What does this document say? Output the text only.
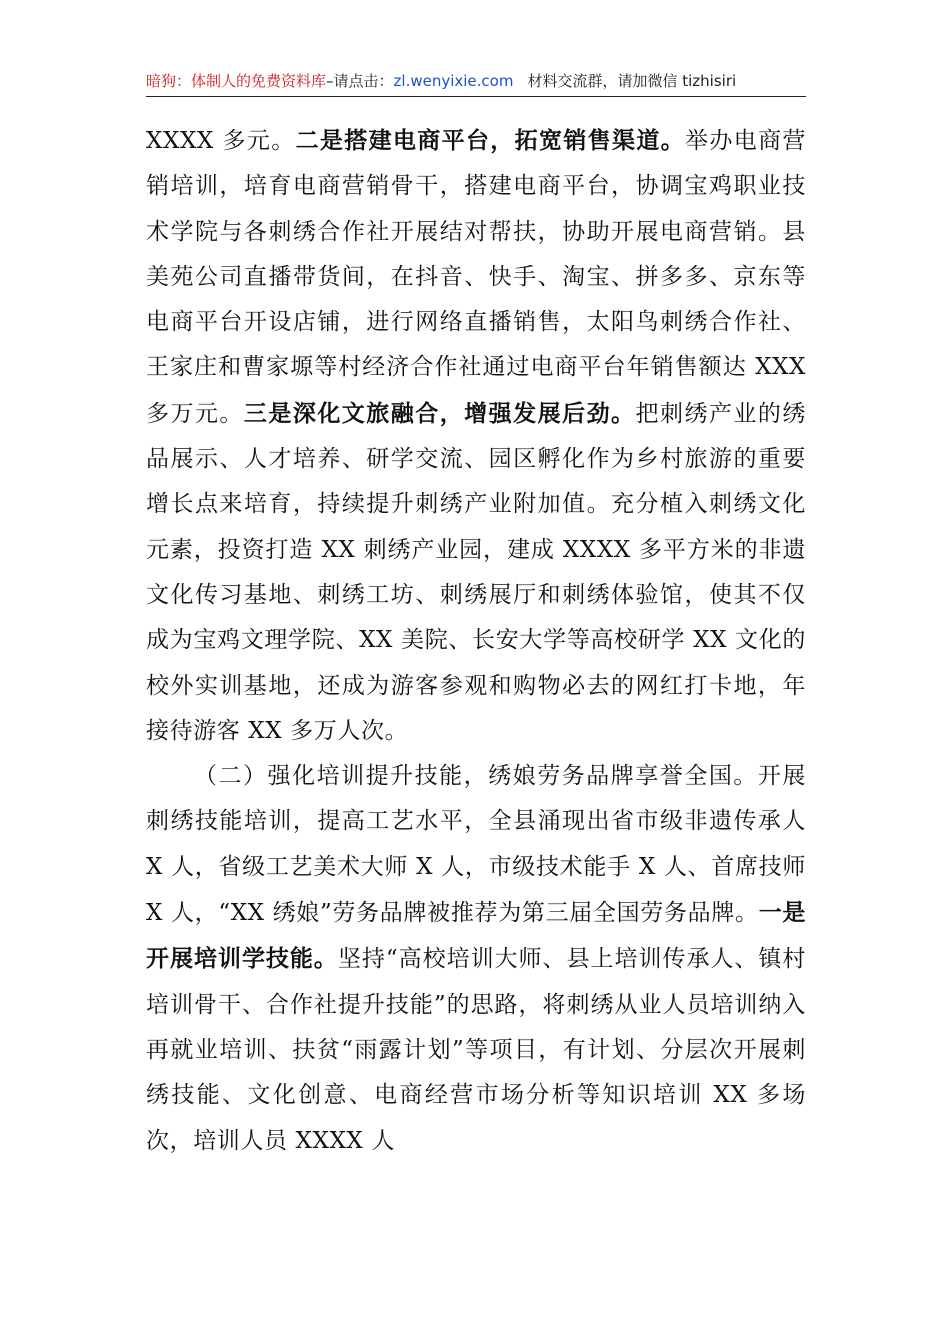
暗狗：体制人的免费资料库–请点击：zl.wenyixie.com 材料交流群，请加微信 tizhisiri

XXXX 多元。二是搭建电商平台，拓宽销售渠道。举办电商营销培训，培育电商营销骨干，搭建电商平台，协调宝鸡职业技术学院与各刺绣合作社开展结对帮扶，协助开展电商营销。县美苑公司直播带货间，在抖音、快手、淘宝、拼多多、京东等电商平台开设店铺，进行网络直播销售，太阳鸟刺绣合作社、王家庄和曹家塬等村经济合作社通过电商平台年销售额达 XXX 多万元。三是深化文旅融合，增强发展后劲。把刺绣产业的绣品展示、人才培养、研学交流、园区孵化作为乡村旅游的重要增长点来培育，持续提升刺绣产业附加值。充分植入刺绣文化元素，投资打造 XX 刺绣产业园，建成 XXXX 多平方米的非遗文化传习基地、刺绣工坊、刺绣展厅和刺绣体验馆，使其不仅成为宝鸡文理学院、XX 美院、长安大学等高校研学 XX 文化的校外实训基地，还成为游客参观和购物必去的网红打卡地，年接待游客 XX 多万人次。

（二）强化培训提升技能，绣娘劳务品牌享誉全国。开展刺绣技能培训，提高工艺水平，全县涌现出省市级非遗传承人 X 人，省级工艺美术大师 X 人，市级技术能手 X 人、首席技师 X 人，“XX 绣娘”劳务品牌被推荐为第三届全国劳务品牌。一是开展培训学技能。坚持“高校培训大师、县上培训传承人、镇村培训骨干、合作社提升技能”的思路，将刺绣从业人员培训纳入再就业培训、扶贫“雨露计划”等项目，有计划、分层次开展刺绣技能、文化创意、电商经营市场分析等知识培训 XX 多场次，培训人员 XXXX 人
